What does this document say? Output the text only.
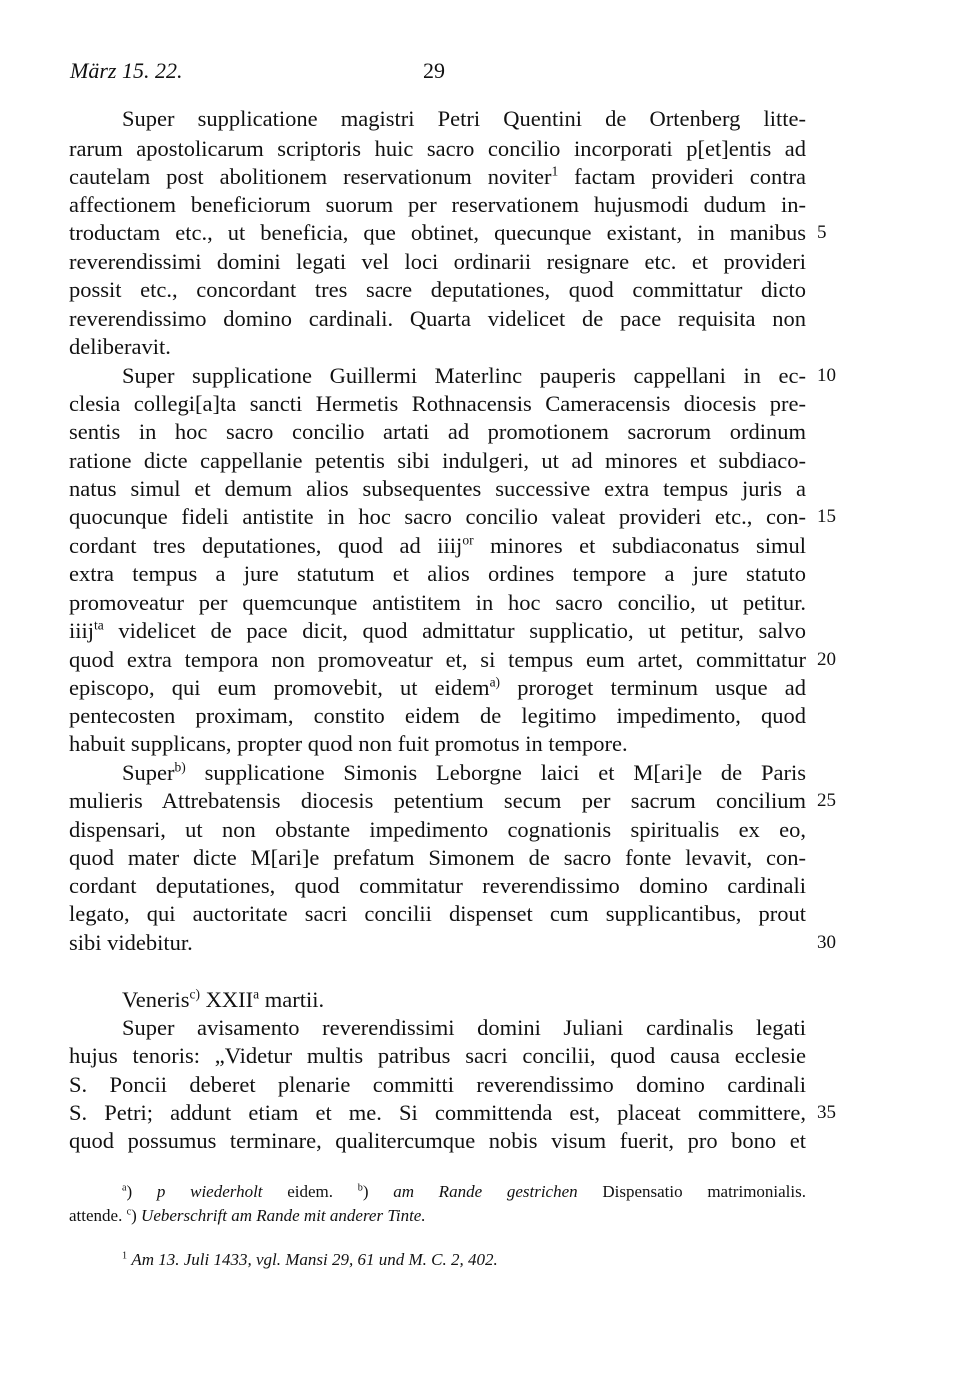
März 15. 22.	29
Super supplicatione magistri Petri Quentini de Ortenberg litte-
rarum apostolicarum scriptoris huic sacro concilio incorporati p[et]entis ad
cautelam post abolitionem reservationum noviter$^1$ factam provideri contra
affectionem beneficiorum suorum per reservationem hujusmodi dudum in-
troductam etc., ut beneficia, que obtinet, quecunque existant, in manibus
reverendissimi domini legati vel loci ordinarii resignare etc. et provideri
possit etc., concordant tres sacre deputationes, quod committatur dicto
reverendissimo domino cardinali. Quarta videlicet de pace requisita non
deliberavit.
Super supplicatione Guillermi Materlinc pauperis cappellani in ec-
clesia collegi[a]ta sancti Hermetis Rothnacensis Cameracensis diocesis pre-
sentis in hoc sacro concilio artati ad promotionem sacrorum ordinum
ratione dicte cappellanie petentis sibi indulgeri, ut ad minores et subdiaco-
natus simul et demum alios subsequentes successive extra tempus juris a
quocunque fideli antistite in hoc sacro concilio valeat provideri etc., con-
cordant tres deputationes, quod ad iiij$^{or}$ minores et subdiaconatus simul
extra tempus a jure statutum et alios ordines tempore a jure statuto
promoveatur per quemcunque antistitem in hoc sacro concilio, ut petitur.
iiij$^{ta}$ videlicet de pace dicit, quod admittatur supplicatio, ut petitur, salvo
quod extra tempora non promoveatur et, si tempus eum artet, committatur
episcopo, qui eum promovebit, ut eidem$^{a)}$ proroget terminum usque ad
pentecosten proximam, constito eidem de legitimo impedimento, quod
habuit supplicans, propter quod non fuit promotus in tempore.
Super$^{b)}$ supplicatione Simonis Leborgne laici et M[ari]e de Paris
mulieris Attrebatensis diocesis petentium secum per sacrum concilium
dispensari, ut non obstante impedimento cognationis spiritualis ex eo,
quod mater dicte M[ari]e prefatum Simonem de sacro fonte levavit, con-
cordant deputationes, quod commitatur reverendissimo domino cardinali
legato, qui auctoritate sacri concilii dispenset cum supplicantibus, prout
sibi videbitur.
Veneris$^{c)}$ XXII$^a$ martii.
Super avisamento reverendissimi domini Juliani cardinalis legati
hujus tenoris: „Videtur multis patribus sacri concilii, quod causa ecclesie
S. Poncii deberet plenarie committi reverendissimo domino cardinali
S. Petri; addunt etiam et me. Si committenda est, placeat committere,
quod possumus terminare, qualitercumque nobis visum fuerit, pro bono et
5
10
15
20
25
30
35
$^a$) p wiederholt eidem. $^b$) am Rande gestrichen Dispensatio matrimonialis.
attende. $^c$) Ueberschrift am Rande mit anderer Tinte.
$^1$ Am 13. Juli 1433, vgl. Mansi 29, 61 und M. C. 2, 402.
